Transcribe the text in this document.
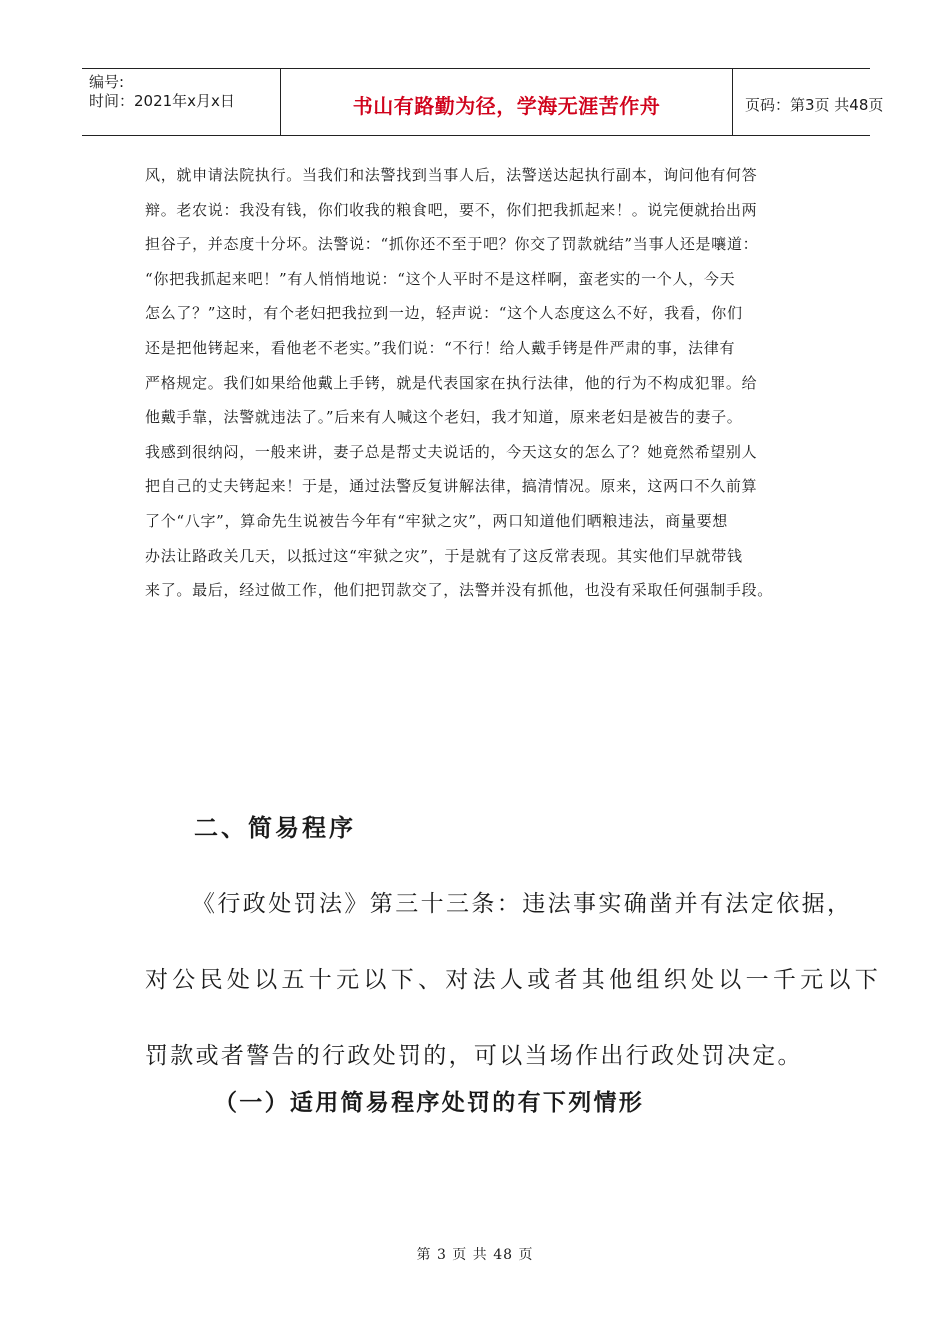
编号:
时间：2021年x月x日	书山有路勤为径，学海无涯苦作舟	页码：第3页 共48页

风，就申请法院执行。当我们和法警找到当事人后，法警送达起执行副本，询问他有何答

辩。老农说：我没有钱，你们收我的粮食吧，要不，你们把我抓起来！。说完便就抬出两

担谷子，并态度十分坏。法警说：“抓你还不至于吧？你交了罚款就结”当事人还是嚷道：

“你把我抓起来吧！”有人悄悄地说：“这个人平时不是这样啊，蛮老实的一个人，今天

怎么了？”这时，有个老妇把我拉到一边，轻声说：“这个人态度这么不好，我看，你们

还是把他铐起来，看他老不老实。”我们说：“不行！给人戴手铐是件严肃的事，法律有

严格规定。我们如果给他戴上手铐，就是代表国家在执行法律，他的行为不构成犯罪。给

他戴手靠，法警就违法了。”后来有人喊这个老妇，我才知道，原来老妇是被告的妻子。

我感到很纳闷，一般来讲，妻子总是帮丈夫说话的，今天这女的怎么了？她竟然希望别人

把自己的丈夫铐起来！于是，通过法警反复讲解法律，搞清情况。原来，这两口不久前算

了个“八字”，算命先生说被告今年有“牢狱之灾”，两口知道他们晒粮违法，商量要想

办法让路政关几天，以抵过这“牢狱之灾”，于是就有了这反常表现。其实他们早就带钱

来了。最后，经过做工作，他们把罚款交了，法警并没有抓他，也没有采取任何强制手段。

二、简易程序

《行政处罚法》第三十三条：违法事实确凿并有法定依据，

对公民处以五十元以下、对法人或者其他组织处以一千元以下

罚款或者警告的行政处罚的，可以当场作出行政处罚决定。

（一）适用简易程序处罚的有下列情形
第 3 页 共 48 页
